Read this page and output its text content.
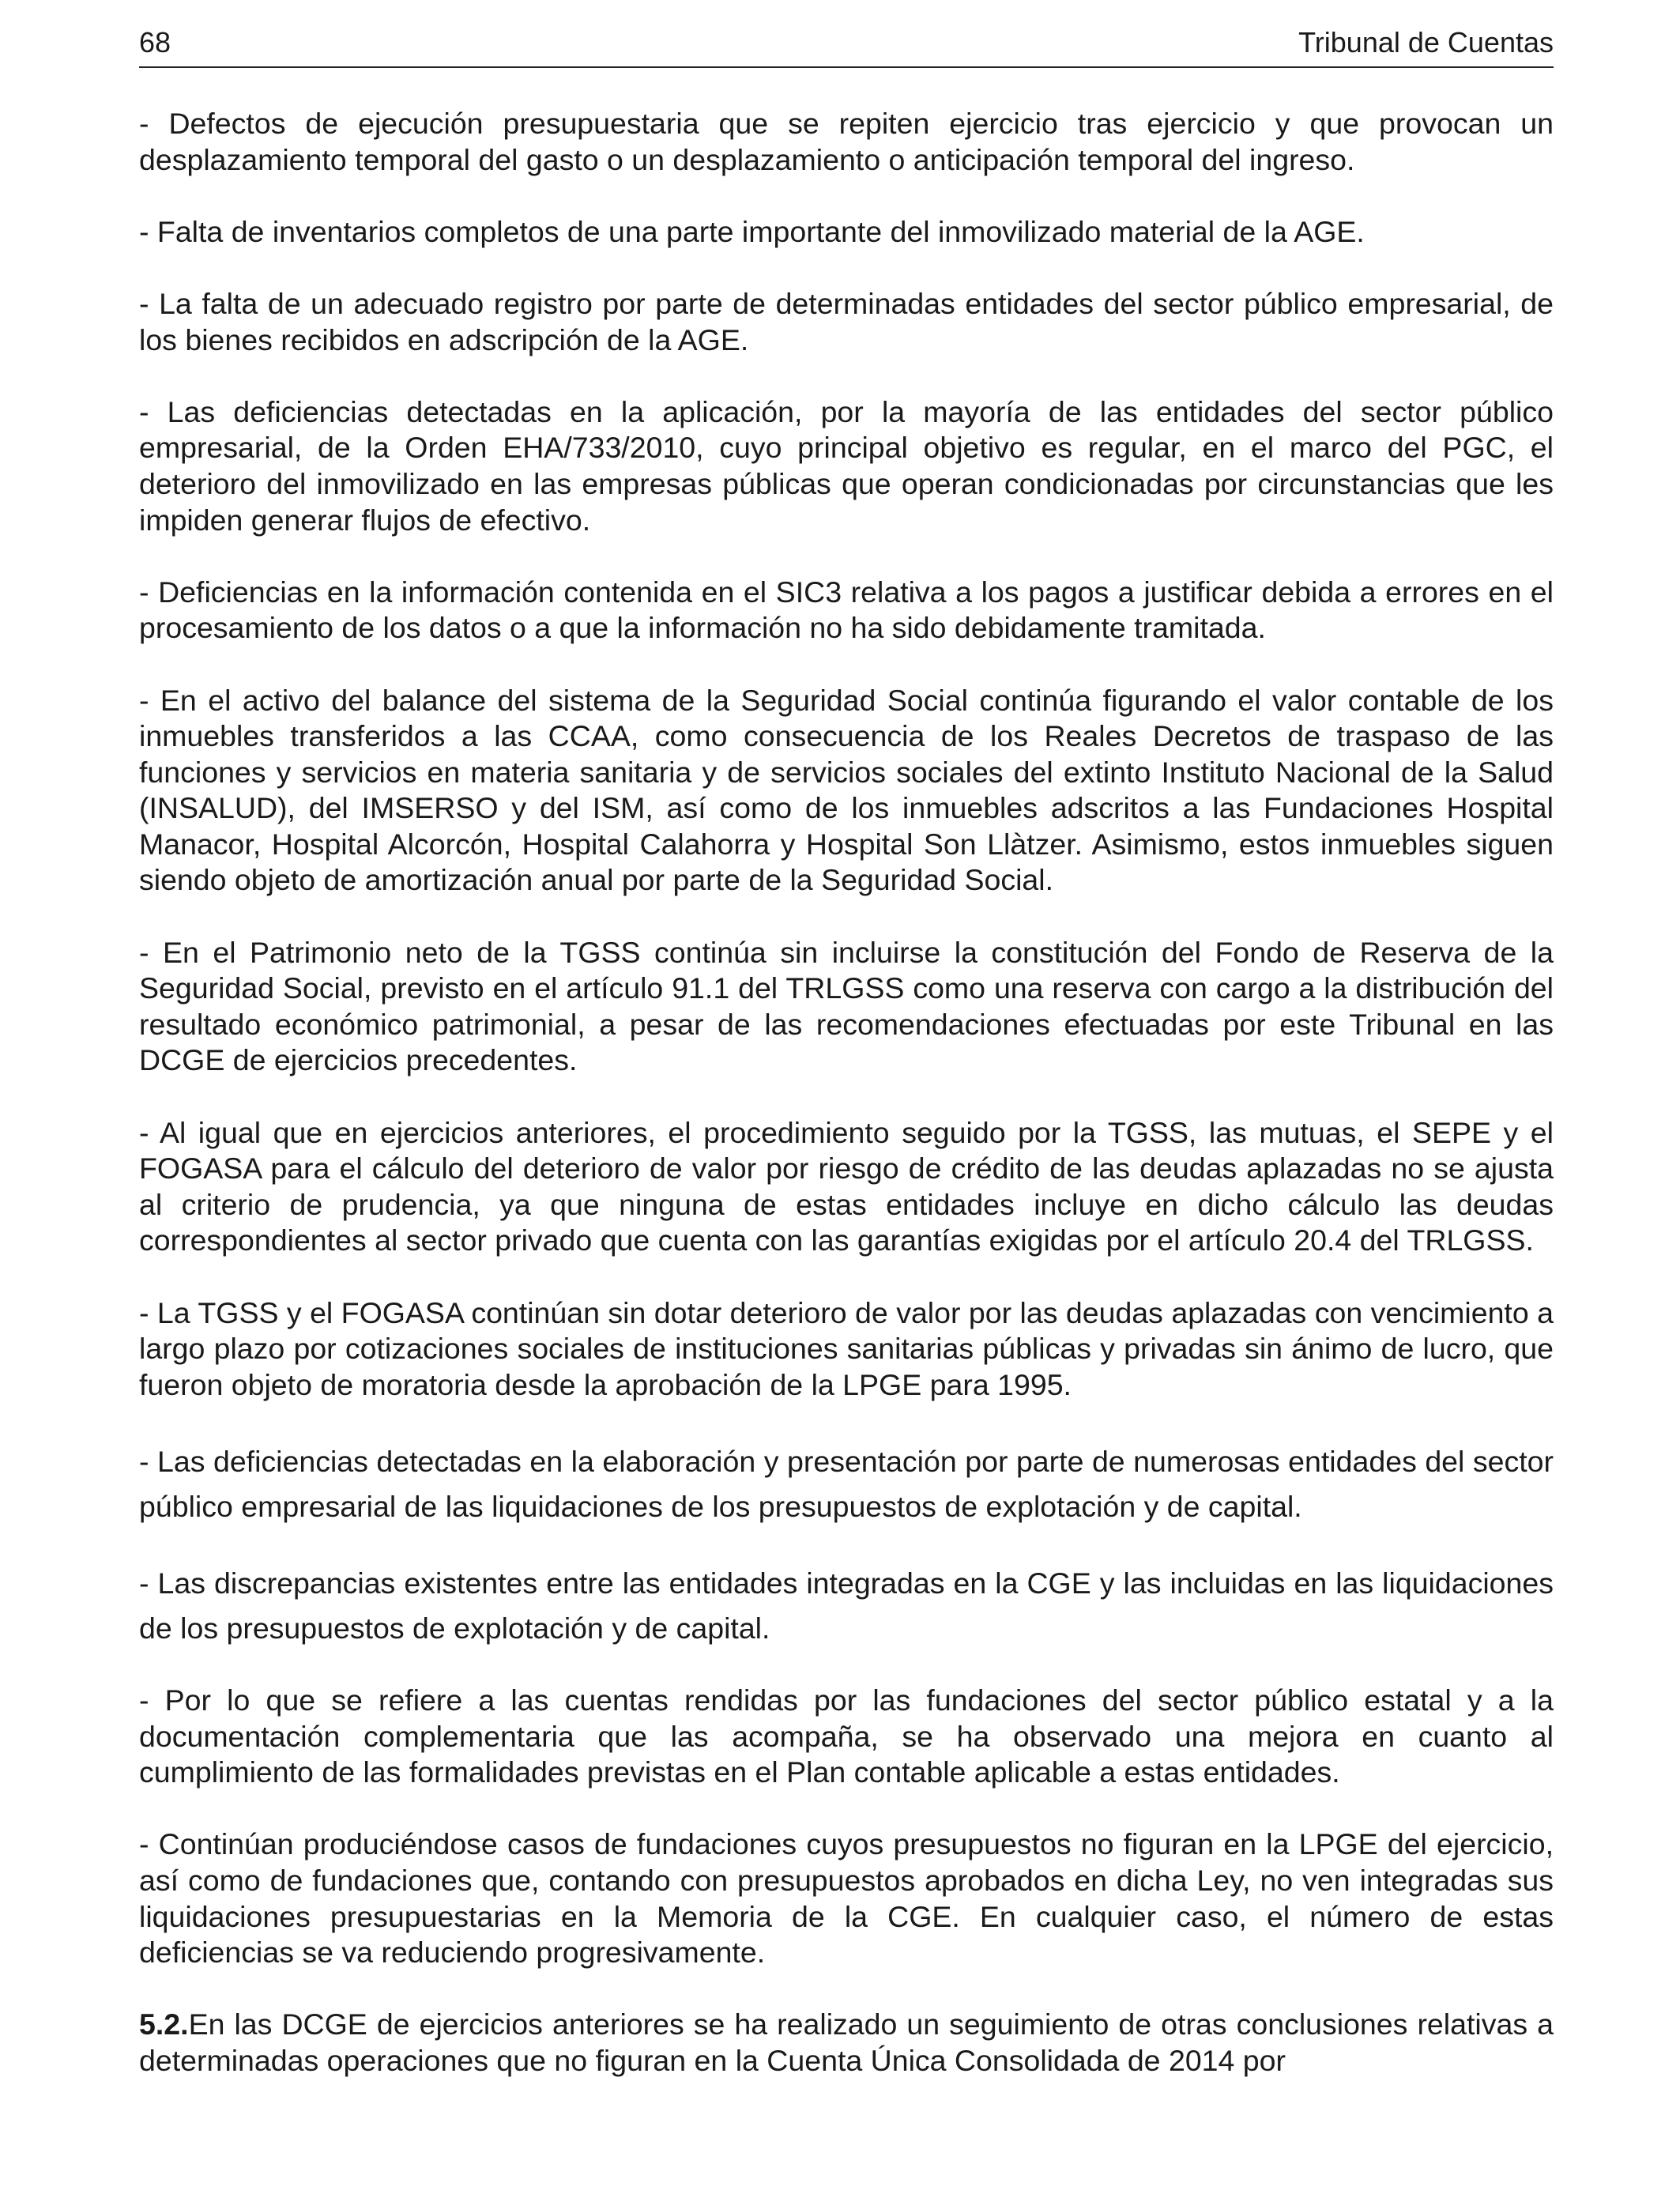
68	Tribunal de Cuentas

- Defectos de ejecución presupuestaria que se repiten ejercicio tras ejercicio y que provocan un desplazamiento temporal del gasto o un desplazamiento o anticipación temporal del ingreso.

- Falta de inventarios completos de una parte importante del inmovilizado material de la AGE.

- La falta de un adecuado registro por parte de determinadas entidades del sector público empresarial, de los bienes recibidos en adscripción de la AGE.

- Las deficiencias detectadas en la aplicación, por la mayoría de las entidades del sector público empresarial, de la Orden EHA/733/2010, cuyo principal objetivo es regular, en el marco del PGC, el deterioro del inmovilizado en las empresas públicas que operan condicionadas por circunstancias que les impiden generar flujos de efectivo.

- Deficiencias en la información contenida en el SIC3 relativa a los pagos a justificar debida a errores en el procesamiento de los datos o a que la información no ha sido debidamente tramitada.

- En el activo del balance del sistema de la Seguridad Social continúa figurando el valor contable de los inmuebles transferidos a las CCAA, como consecuencia de los Reales Decretos de traspaso de las funciones y servicios en materia sanitaria y de servicios sociales del extinto Instituto Nacional de la Salud (INSALUD), del IMSERSO y del ISM, así como de los inmuebles adscritos a las Fundaciones Hospital Manacor, Hospital Alcorcón, Hospital Calahorra y Hospital Son Llàtzer. Asimismo, estos inmuebles siguen siendo objeto de amortización anual por parte de la Seguridad Social.

- En el Patrimonio neto de la TGSS continúa sin incluirse la constitución del Fondo de Reserva de la Seguridad Social, previsto en el artículo 91.1 del TRLGSS como una reserva con cargo a la distribución del resultado económico patrimonial, a pesar de las recomendaciones efectuadas por este Tribunal en las DCGE de ejercicios precedentes.

- Al igual que en ejercicios anteriores, el procedimiento seguido por la TGSS, las mutuas, el SEPE y el FOGASA para el cálculo del deterioro de valor por riesgo de crédito de las deudas aplazadas no se ajusta al criterio de prudencia, ya que ninguna de estas entidades incluye en dicho cálculo las deudas correspondientes al sector privado que cuenta con las garantías exigidas por el artículo 20.4 del TRLGSS.

- La TGSS y el FOGASA continúan sin dotar deterioro de valor por las deudas aplazadas con vencimiento a largo plazo por cotizaciones sociales de instituciones sanitarias públicas y privadas sin ánimo de lucro, que fueron objeto de moratoria desde la aprobación de la LPGE para 1995.

- Las deficiencias detectadas en la elaboración y presentación por parte de numerosas entidades del sector público empresarial de las liquidaciones de los presupuestos de explotación y de capital.

- Las discrepancias existentes entre las entidades integradas en la CGE y las incluidas en las liquidaciones de los presupuestos de explotación y de capital.

- Por lo que se refiere a las cuentas rendidas por las fundaciones del sector público estatal y a la documentación complementaria que las acompaña, se ha observado una mejora en cuanto al cumplimiento de las formalidades previstas en el Plan contable aplicable a estas entidades.

- Continúan produciéndose casos de fundaciones cuyos presupuestos no figuran en la LPGE del ejercicio, así como de fundaciones que, contando con presupuestos aprobados en dicha Ley, no ven integradas sus liquidaciones presupuestarias en la Memoria de la CGE. En cualquier caso, el número de estas deficiencias se va reduciendo progresivamente.

5.2.En las DCGE de ejercicios anteriores se ha realizado un seguimiento de otras conclusiones relativas a determinadas operaciones que no figuran en la Cuenta Única Consolidada de 2014 por
